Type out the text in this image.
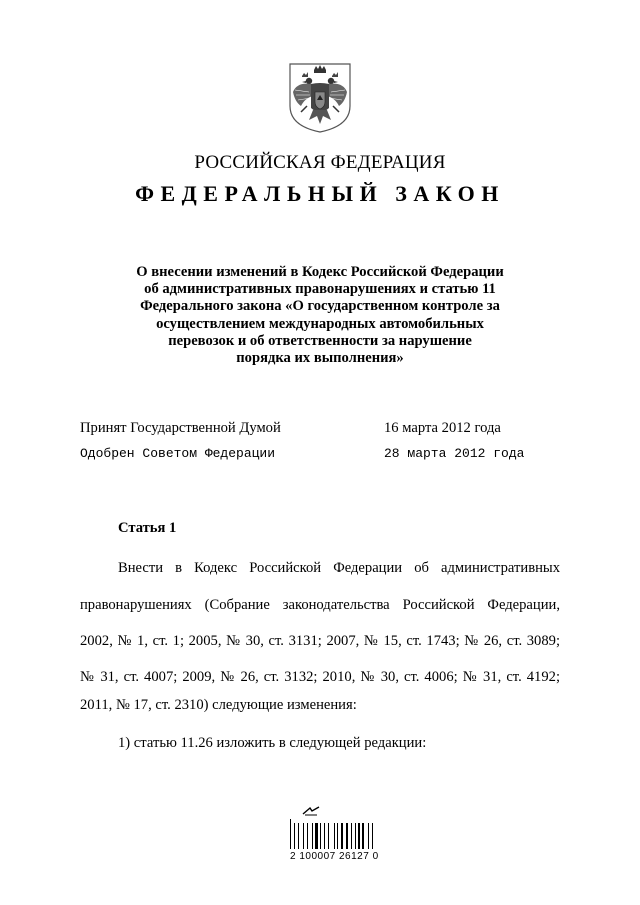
РОССИЙСКАЯ ФЕДЕРАЦИЯ
ФЕДЕРАЛЬНЫЙ ЗАКОН
О внесении изменений в Кодекс Российской Федерации
об административных правонарушениях и статью 11
Федерального закона «О государственном контроле за
осуществлением международных автомобильных
перевозок и об ответственности за нарушение
порядка их выполнения»
Принят Государственной Думой	16 марта 2012 года
Одобрен Советом Федерации	28 марта 2012 года
Статья 1
Внести в Кодекс Российской Федерации об административных
правонарушениях (Собрание законодательства Российской Федерации,
2002, № 1, ст. 1; 2005, № 30, ст. 3131; 2007, № 15, ст. 1743; № 26, ст. 3089;
№ 31, ст. 4007; 2009, № 26, ст. 3132; 2010, № 30, ст. 4006; № 31, ст. 4192;
2011, № 17, ст. 2310) следующие изменения:
1) статью 11.26 изложить в следующей редакции:
2 100007 26127 0
